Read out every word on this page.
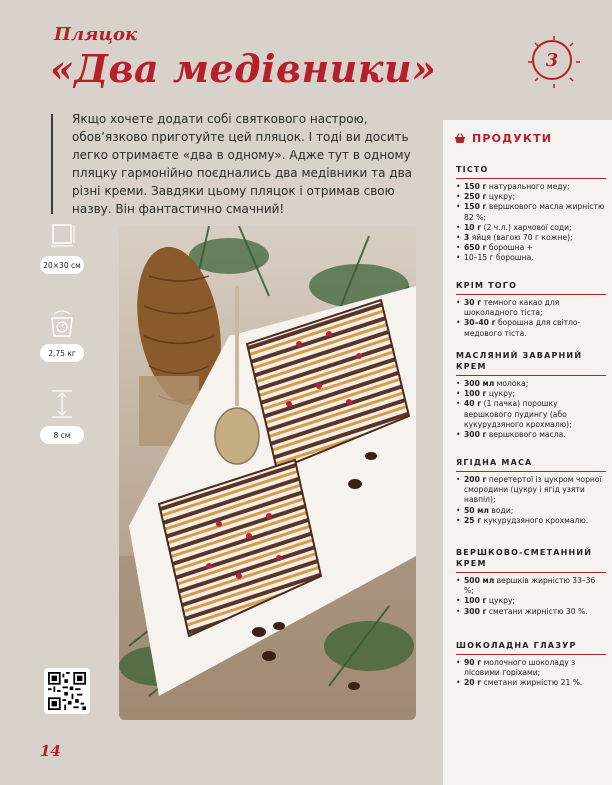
Пляцок
«Два медівники»	3

Якщо хочете додати собі святкового настрою, обов’язково приготуйте цей пляцок. І тоді ви досить легко отримаєте «два в одному». Адже тут в одному пляцку гармонійно поєднались два медівники та два різні креми. Завдяки цьому пляцок і отримав свою назву. Він фантастично смачний!

20×30 см
2,75 кг
8 см
14
ПРОДУКТИ
ТІСТО
• 150 г натурального меду;
• 250 г цукру;
• 150 г вершкового масла жирністю 82 %;
• 10 г (2 ч.л.) харчової соди;
• 3 яйця (вагою 70 г кожне);
• 650 г борошна +
• 10–15 г борошна.
КРІМ ТОГО
• 30 г темного какао для шоколадного тіста;
• 30–40 г борошна для світло-медового тіста.
МАСЛЯНИЙ ЗАВАРНИЙ КРЕМ
• 300 мл молока;
• 100 г цукру;
• 40 г (1 пачка) порошку вершкового пудингу (або кукурудзяного крохмалю);
• 300 г вершкового масла.
ЯГІДНА МАСА
• 200 г перетертої із цукром чорної смородини (цукру і ягід узяти навпіл);
• 50 мл води;
• 25 г кукурудзяного крохмалю.
ВЕРШКОВО-СМЕТАННИЙ КРЕМ
• 500 мл вершків жирністю 33–36 %;
• 100 г цукру;
• 300 г сметани жирністю 30 %.
ШОКОЛАДНА ГЛАЗУР
• 90 г молочного шоколаду з лісовими горіхами;
• 20 г сметани жирністю 21 %.
